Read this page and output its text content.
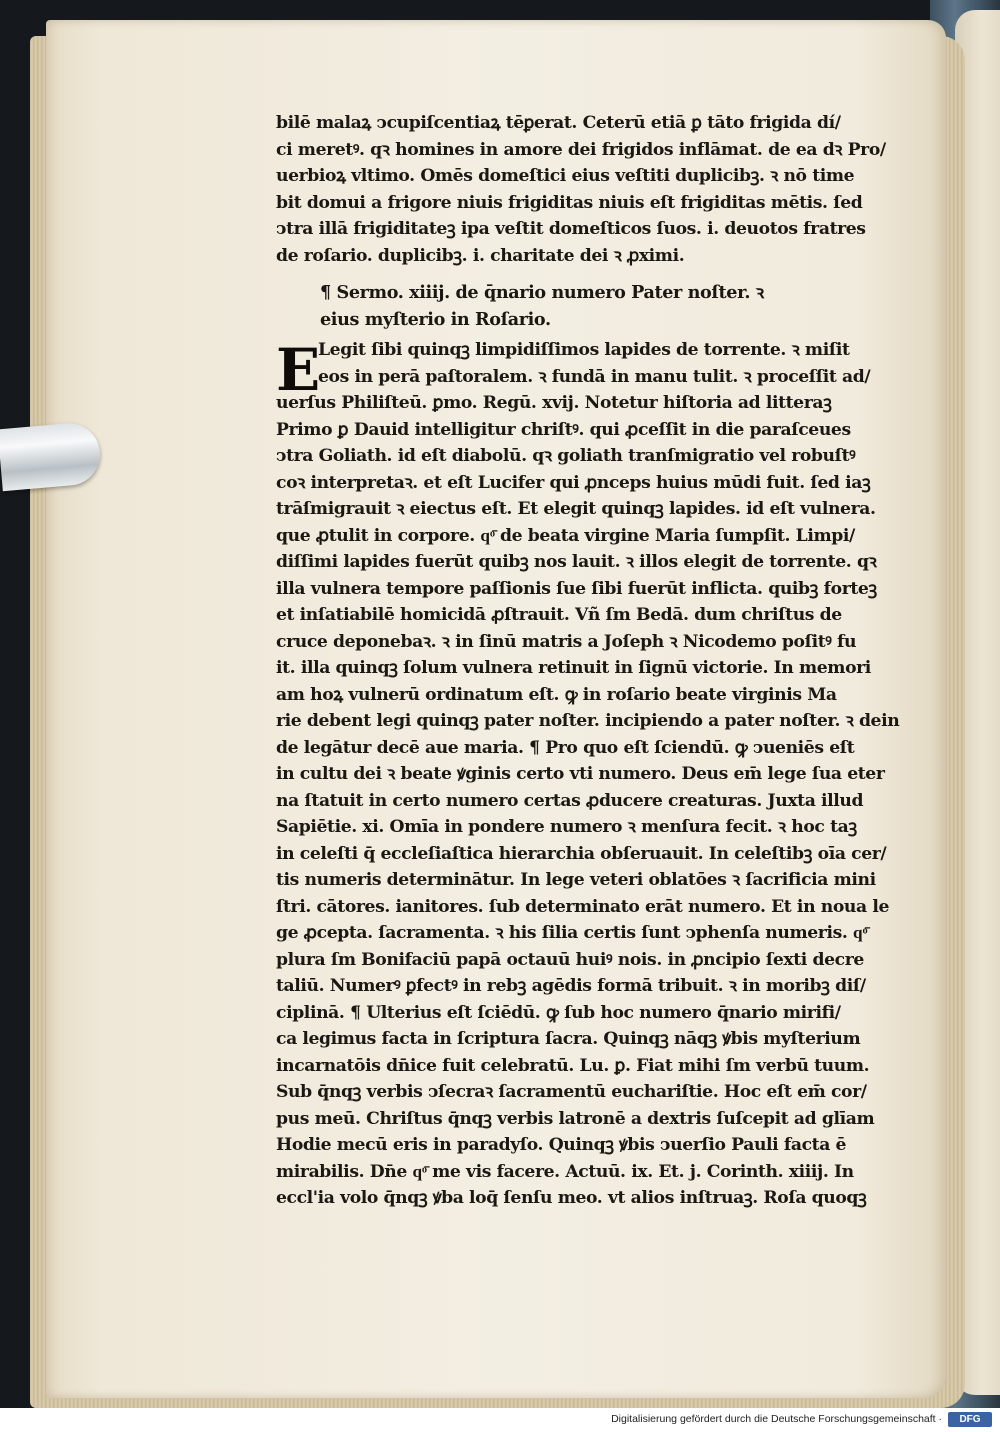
bilē malaꝝ ↄcupiſcentiaꝝ tēꝑerat. Ceterū etiā ꝑ tāto frigida dí/
ci meretꝰ. qꝛ homines in amore dei frigidos inflāmat. de ea dꝛ Pro/
uerbioꝝ vltimo. Omēs domeſtici eius veſtiti duplicibꝫ. ꝛ nō time
bit domui a frigore niuis frigiditas niuis eſt frigiditas mētis. ſed
ↄtra illā frigiditateꝫ ipa veſtit domeſticos ſuos. i. deuotos fratres
de roſario. duplicibꝫ. i. charitate dei ꝛ ꝓximi.
¶ Sermo. xiiij. de q̄nario numero Pater noſter. ꝛ
eius myſterio in Roſario.
Legit ſibi quinqꝫ limpidiſſimos lapides de torrente. ꝛ miſit
eos in perā paſtoralem. ꝛ fundā in manu tulit. ꝛ proceſſit ad/
uerſus Philiſteū. ꝑmo. Regū. xvij. Notetur hiſtoria ad litteraꝫ
Primo ꝑ Dauid intelligitur chriſtꝰ. qui ꝓceſſit in die paraſceues
ↄtra Goliath. id eſt diabolū. qꝛ goliath tranſmigratio vel robuſtꝰ
coꝛ interpretaꝛ. et eſt Lucifer qui ꝓnceps huius mūdi fuit. ſed iaꝫ
trāſmigrauit ꝛ eiectus eſt. Et elegit quinqꝫ lapides. id eſt vulnera.
que ꝓtulit in corpore. qͦ̄ de beata virgine Maria ſumpſit. Limpi/
diſſimi lapides fuerūt quibꝫ nos lauit. ꝛ illos elegit de torrente. qꝛ
illa vulnera tempore paſſionis ſue ſibi fuerūt inflicta. quibꝫ forteꝫ
et inſatiabilē homicidā ꝓſtrauit. Vñ ſm Bedā. dum chriſtus de
cruce deponebaꝛ. ꝛ in ſinū matris a Joſeph ꝛ Nicodemo poſitꝰ fu
it. illa quinqꝫ ſolum vulnera retinuit in ſignū victorie. In memori
am hoꝝ vulnerū ordinatum eſt. ꝙ in roſario beate virginis Ma
rie debent legi quinqꝫ pater noſter. incipiendo a pater noſter. ꝛ dein
de legātur decē aue maria. ¶ Pro quo eſt ſciendū. ꝙ ↄueniēs eſt
in cultu dei ꝛ beate ꝟginis certo vti numero. Deus em̄ lege ſua eter
na ſtatuit in certo numero certas ꝓducere creaturas. Juxta illud
Sapiētie. xi. Omīa in pondere numero ꝛ menſura fecit. ꝛ hoc taꝫ
in celeſti q̄ eccleſiaſtica hierarchia obſeruauit. In celeſtibꝫ oīa cer/
tis numeris determinātur. In lege veteri oblatōes ꝛ ſacrificia mini
ſtri. cātores. ianitores. ſub determinato erāt numero. Et in noua le
ge ꝓcepta. ſacramenta. ꝛ his ſilia certis ſunt ↄphenſa numeris. qͦ̄
plura ſm Bonifaciū papā octauū huiꝰ nois. in ꝓncipio ſexti decre
taliū. Numerꝰ ꝑfectꝰ in rebꝫ agēdis formā tribuit. ꝛ in moribꝫ diſ/
ciplinā. ¶ Ulterius eſt ſciēdū. ꝙ ſub hoc numero q̄nario mirifi/
ca legimus facta in ſcriptura ſacra. Quinqꝫ nāqꝫ ꝟbis myſterium
incarnatōis dn̄ice fuit celebratū. Lu. ꝑ. Fiat mihi ſm verbū tuum.
Sub q̄nqꝫ verbis ↄſecraꝛ ſacramentū euchariſtie. Hoc eſt em̄ cor/
pus meū. Chriſtus q̄nqꝫ verbis latronē a dextris ſuſcepit ad glīam
Hodie mecū eris in paradyſo. Quinqꝫ ꝟbis ↄuerſio Pauli facta ē
mirabilis. Dn̄e qͦ̄ me vis facere. Actuū. ix. Et. j. Corinth. xiiij. In
eccl'ia volo q̄nqꝫ ꝟba loq̄ ſenſu meo. vt alios inſtruaꝫ. Roſa quoqꝫ
E
Digitalisierung gefördert durch die Deutsche Forschungsgemeinschaft ·	DFG
